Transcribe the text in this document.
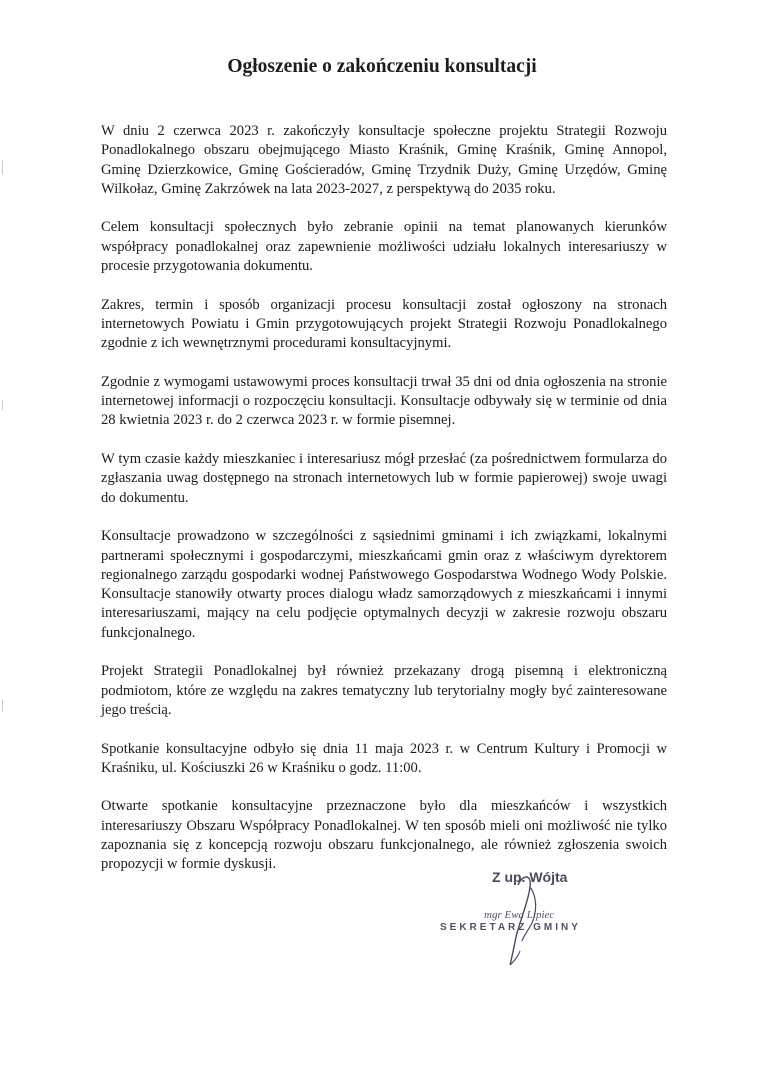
Ogłoszenie o zakończeniu konsultacji

W dniu 2 czerwca 2023 r. zakończyły konsultacje społeczne projektu Strategii Rozwoju Ponadlokalnego obszaru obejmującego Miasto Kraśnik, Gminę Kraśnik, Gminę Annopol, Gminę Dzierzkowice, Gminę Gościeradów, Gminę Trzydnik Duży, Gminę Urzędów, Gminę Wilkołaz, Gminę Zakrzówek na lata 2023-2027, z perspektywą do 2035 roku.

Celem konsultacji społecznych było zebranie opinii na temat planowanych kierunków współpracy ponadlokalnej oraz zapewnienie możliwości udziału lokalnych interesariuszy w procesie przygotowania dokumentu.

Zakres, termin i sposób organizacji procesu konsultacji został ogłoszony na stronach internetowych Powiatu i Gmin przygotowujących projekt Strategii Rozwoju Ponadlokalnego zgodnie z ich wewnętrznymi procedurami konsultacyjnymi.

Zgodnie z wymogami ustawowymi proces konsultacji trwał 35 dni od dnia ogłoszenia na stronie internetowej informacji o rozpoczęciu konsultacji. Konsultacje odbywały się w terminie od dnia 28 kwietnia 2023 r. do 2 czerwca 2023 r. w formie pisemnej.

W tym czasie każdy mieszkaniec i interesariusz mógł przesłać (za pośrednictwem formularza do zgłaszania uwag dostępnego na stronach internetowych lub w formie papierowej) swoje uwagi do dokumentu.

Konsultacje prowadzono w szczególności z sąsiednimi gminami i ich związkami, lokalnymi partnerami społecznymi i gospodarczymi, mieszkańcami gmin oraz z właściwym dyrektorem regionalnego zarządu gospodarki wodnej Państwowego Gospodarstwa Wodnego Wody Polskie. Konsultacje stanowiły otwarty proces dialogu władz samorządowych z mieszkańcami i innymi interesariuszami, mający na celu podjęcie optymalnych decyzji w zakresie rozwoju obszaru funkcjonalnego.

Projekt Strategii Ponadlokalnej był również przekazany drogą pisemną i elektroniczną podmiotom, które ze względu na zakres tematyczny lub terytorialny mogły być zainteresowane jego treścią.

Spotkanie konsultacyjne odbyło się dnia 11 maja 2023 r. w Centrum Kultury i Promocji w Kraśniku, ul. Kościuszki 26 w Kraśniku o godz. 11:00.

Otwarte spotkanie konsultacyjne przeznaczone było dla mieszkańców i wszystkich interesariuszy Obszaru Współpracy Ponadlokalnej. W ten sposób mieli oni możliwość nie tylko zapoznania się z koncepcją rozwoju obszaru funkcjonalnego, ale również zgłoszenia swoich propozycji w formie dyskusji.

Z up. Wójta
mgr Ewa Lipiec
SEKRETARZ GMINY
